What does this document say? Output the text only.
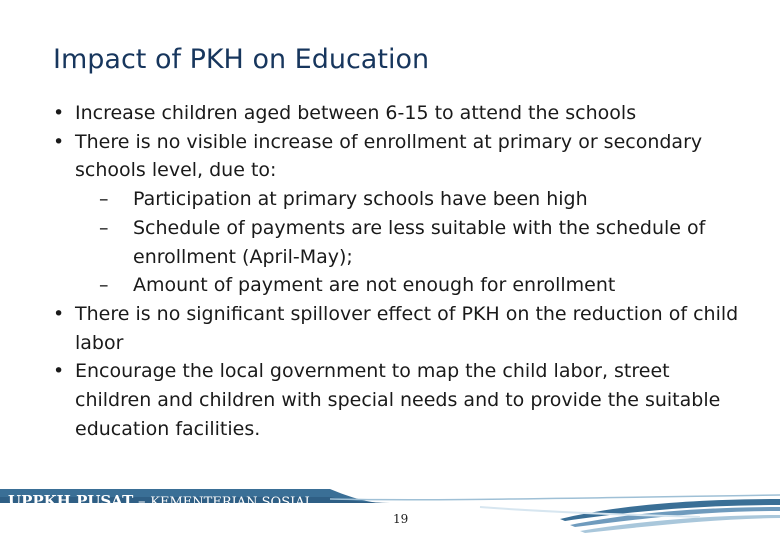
Impact of PKH on Education
• Increase children aged between 6-15 to attend the schools
• There is no visible increase of enrollment at primary or secondary schools level, due to:
– Participation at primary schools have been high
– Schedule of payments are less suitable with the schedule of enrollment (April-May);
– Amount of payment are not enough for enrollment
• There is no significant spillover effect of PKH on the reduction of child labor
• Encourage the local government to map the child labor, street children and children with special needs and to provide the suitable education facilities.
UPPKH PUSAT – KEMENTERIAN SOSIAL
19
